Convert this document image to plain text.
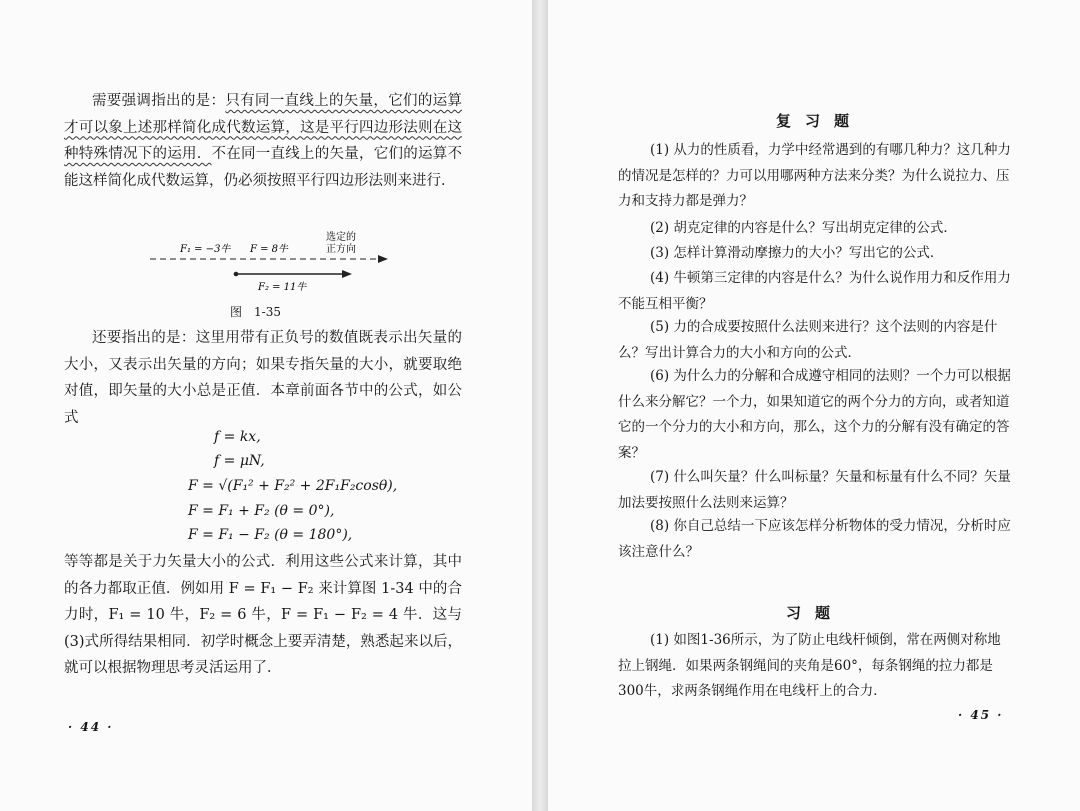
需要强调指出的是：只有同一直线上的矢量，它们的运算才可以象上述那样简化成代数运算，这是平行四边形法则在这种特殊情况下的运用．不在同一直线上的矢量，它们的运算不能这样简化成代数运算，仍必须按照平行四边形法则来进行．

选定的
正方向
F₁ = −3牛 F = 8牛
F₂ = 11牛
图　1-35

还要指出的是：这里用带有正负号的数值既表示出矢量的大小，又表示出矢量的方向；如果专指矢量的大小，就要取绝对值，即矢量的大小总是正值．本章前面各节中的公式，如公式

f = kx,
f = μN,
F = √(F₁² + F₂² + 2F₁F₂cosθ),
F = F₁ + F₂ (θ = 0°),
F = F₁ − F₂ (θ = 180°),

等等都是关于力矢量大小的公式．利用这些公式来计算，其中的各力都取正值．例如用 F = F₁ − F₂ 来计算图 1-34 中的合力时，F₁ = 10 牛，F₂ = 6 牛，F = F₁ − F₂ = 4 牛．这与(3)式所得结果相同．初学时概念上要弄清楚，熟悉起来以后，就可以根据物理思考灵活运用了．

· 44 ·
复习题

(1) 从力的性质看，力学中经常遇到的有哪几种力？这几种力的情况是怎样的？力可以用哪两种方法来分类？为什么说拉力、压力和支持力都是弹力？

(2) 胡克定律的内容是什么？写出胡克定律的公式．

(3) 怎样计算滑动摩擦力的大小？写出它的公式．

(4) 牛顿第三定律的内容是什么？为什么说作用力和反作用力不能互相平衡？

(5) 力的合成要按照什么法则来进行？这个法则的内容是什么？写出计算合力的大小和方向的公式．

(6) 为什么力的分解和合成遵守相同的法则？一个力可以根据什么来分解它？一个力，如果知道它的两个分力的方向，或者知道它的一个分力的大小和方向，那么，这个力的分解有没有确定的答案？

(7) 什么叫矢量？什么叫标量？矢量和标量有什么不同？矢量加法要按照什么法则来运算？

(8) 你自己总结一下应该怎样分析物体的受力情况，分析时应该注意什么？

习题

(1) 如图1-36所示，为了防止电线杆倾倒，常在两侧对称地拉上钢绳．如果两条钢绳间的夹角是60°，每条钢绳的拉力都是300牛，求两条钢绳作用在电线杆上的合力．

· 45 ·
